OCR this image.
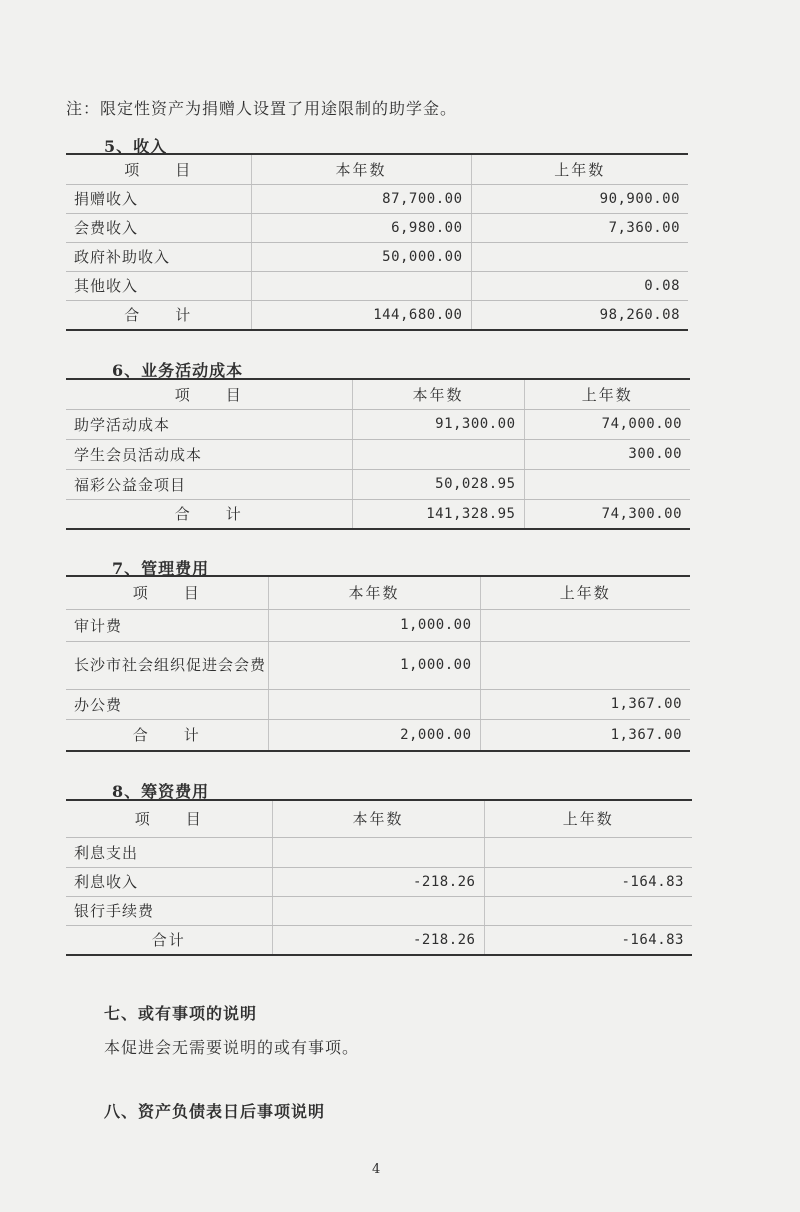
注：限定性资产为捐赠人设置了用途限制的助学金。
5、收入
项　　目	本年数	上年数
捐赠收入	87,700.00	90,900.00
会费收入	6,980.00	7,360.00
政府补助收入	50,000.00	
其他收入		0.08
合　　计	144,680.00	98,260.08
6、业务活动成本
项　　目	本年数	上年数
助学活动成本	91,300.00	74,000.00
学生会员活动成本		300.00
福彩公益金项目	50,028.95	
合　　计	141,328.95	74,300.00
7、管理费用
项　　目	本年数	上年数
审计费	1,000.00	
长沙市社会组织促进会会费	1,000.00	
办公费		1,367.00
合　　计	2,000.00	1,367.00
8、筹资费用
项　　目	本年数	上年数
利息支出		
利息收入	-218.26	-164.83
银行手续费		
合计	-218.26	-164.83
七、或有事项的说明
本促进会无需要说明的或有事项。
八、资产负债表日后事项说明
4
